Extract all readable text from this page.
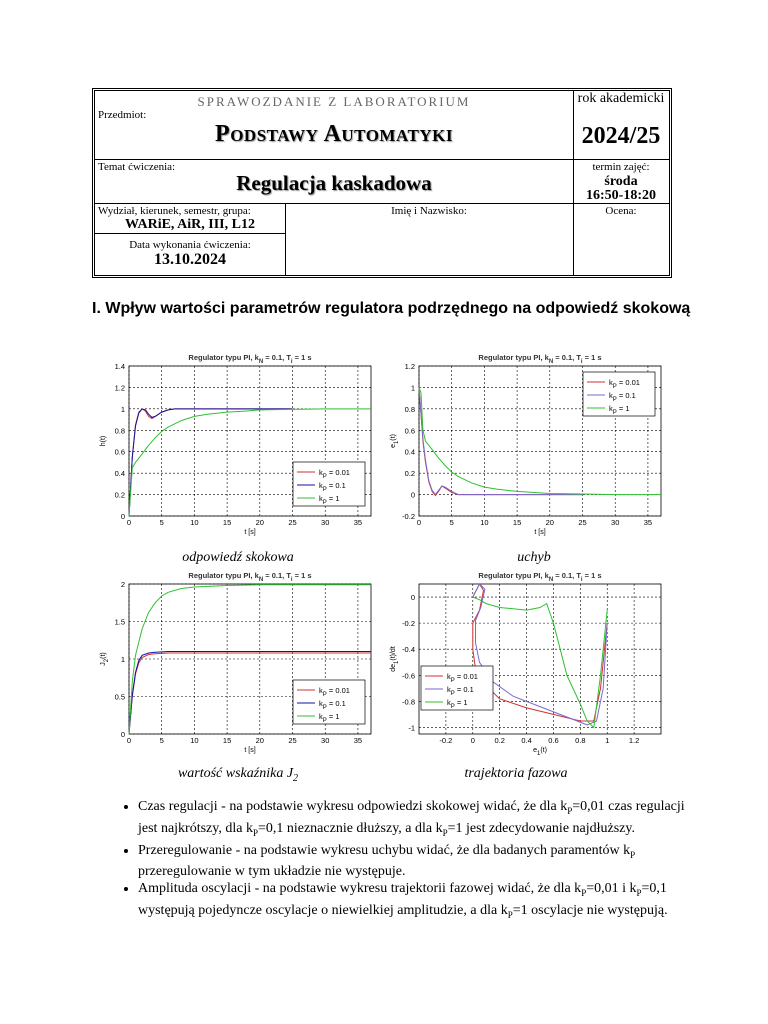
SPRAWOZDANIE Z LABORATORIUM
Przedmiot:
Podstawy Automatyki
rok akademicki
2024/25
Temat ćwiczenia:
Regulacja kaskadowa
termin zajęć:
środa
16:50-18:20
Wydział, kierunek, semestr, grupa:
WARiE, AiR, III, L12
Data wykonania ćwiczenia:
13.10.2024
Imię i Nazwisko:	Ocena:
I. Wpływ wartości parametrów regulatora podrzędnego na odpowiedź skokową
Regulator typu PI, $k_N = 0.1$, $T_i = 1$ s
0	5	10	15	20	25	30	35
0
0.2
0.4
0.6
0.8
1
1.2
1.4
t [s]
h(t)
$k_P = 0.01$
$k_P = 0.1$
$k_P = 1$
Regulator typu PI, $k_N = 0.1$, $T_i = 1$ s
0	5	10	15	20	25	30	35
-0.2
0
0.2
0.4
0.6
0.8
1
1.2
t [s]
$e_1(t)$
$k_P = 0.01$
$k_P = 0.1$
$k_P = 1$
Regulator typu PI, $k_N = 0.1$, $T_i = 1$ s
0	5	10	15	20	25	30	35
0
0.5
1
1.5
2
t [s]
$J_2(t)$
$k_P = 0.01$
$k_P = 0.1$
$k_P = 1$
Regulator typu PI, $k_N = 0.1$, $T_i = 1$ s
-0.2 0	0.2 0.4 0.6 0.8	1	1.2
-1
-0.8
-0.6
-0.4
-0.2
0
$e_1(t)$
$de_1(t)/dt$
$k_P = 0.01$
$k_P = 0.1$
$k_P = 1$
odpowiedź skokowa	uchyb
wartość wskaźnika $J_2$	trajektoria fazowa
• Czas regulacji - na podstawie wykresu odpowiedzi skokowej widać, że dla $k_P=0,01$ czas regulacji jest najkrótszy, dla $k_P=0,1$ nieznacznie dłuższy, a dla $k_P=1$ jest zdecydowanie najdłuższy.
• Przeregulowanie - na podstawie wykresu uchybu widać, że dla badanych paramentów $k_P$ przeregulowanie w tym układzie nie występuje.
• Amplituda oscylacji - na podstawie wykresu trajektorii fazowej widać, że dla $k_P=0,01$ i $k_P=0,1$ występują pojedyncze oscylacje o niewielkiej amplitudzie, a dla $k_P=1$ oscylacje nie występują.
